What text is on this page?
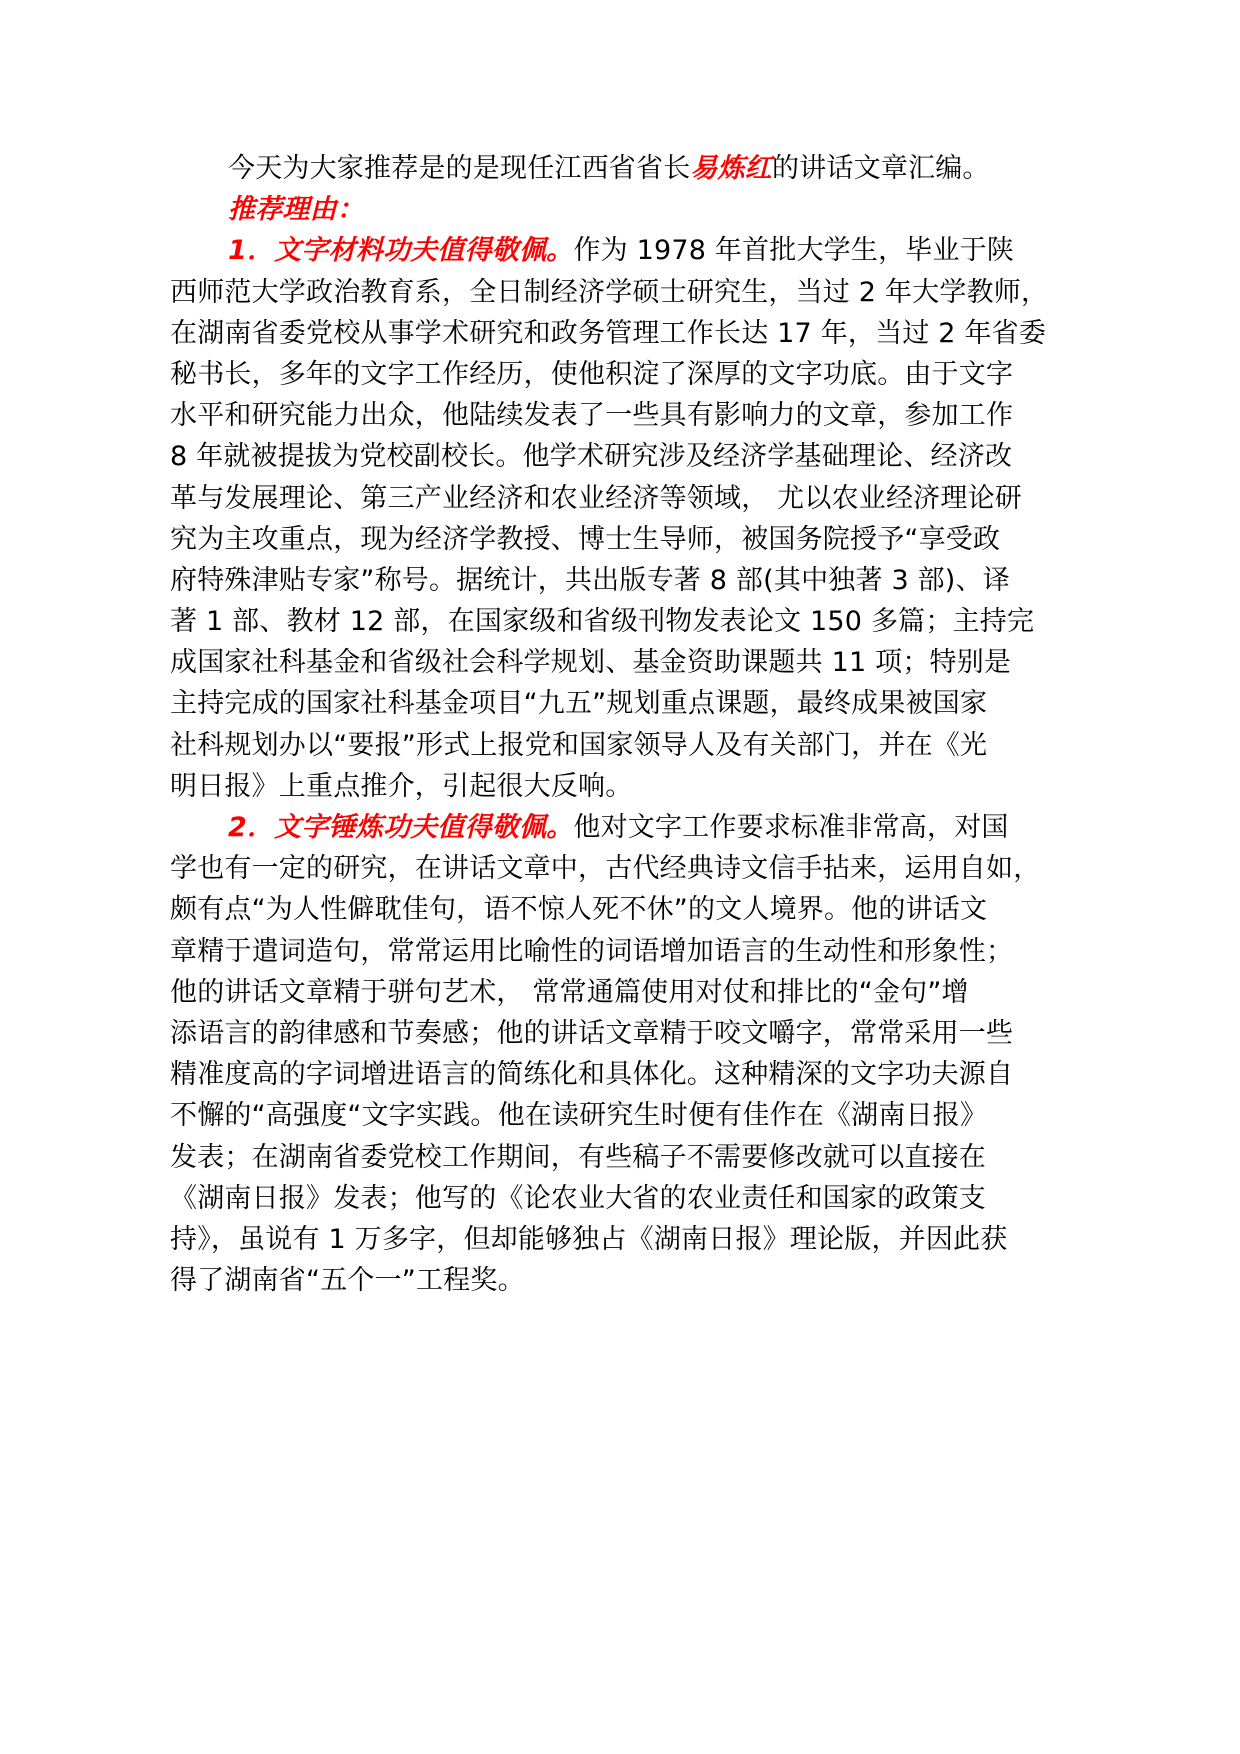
今天为大家推荐是的是现任江西省省长易炼红的讲话文章汇编。
推荐理由：
1．文字材料功夫值得敬佩。作为 1978 年首批大学生，毕业于陕
西师范大学政治教育系，全日制经济学硕士研究生，当过 2 年大学教师，
在湖南省委党校从事学术研究和政务管理工作长达 17 年，当过 2 年省委
秘书长，多年的文字工作经历，使他积淀了深厚的文字功底。由于文字
水平和研究能力出众，他陆续发表了一些具有影响力的文章，参加工作
8 年就被提拔为党校副校长。他学术研究涉及经济学基础理论、经济改
革与发展理论、第三产业经济和农业经济等领域， 尤以农业经济理论研
究为主攻重点，现为经济学教授、博士生导师，被国务院授予“享受政
府特殊津贴专家”称号。据统计，共出版专著 8 部(其中独著 3 部)、译
著 1 部、教材 12 部，在国家级和省级刊物发表论文 150 多篇；主持完
成国家社科基金和省级社会科学规划、基金资助课题共 11 项；特别是
主持完成的国家社科基金项目“九五”规划重点课题，最终成果被国家
社科规划办以“要报”形式上报党和国家领导人及有关部门，并在《光
明日报》上重点推介，引起很大反响。
2．文字锤炼功夫值得敬佩。他对文字工作要求标准非常高，对国
学也有一定的研究，在讲话文章中，古代经典诗文信手拈来，运用自如，
颇有点“为人性僻耽佳句，语不惊人死不休”的文人境界。他的讲话文
章精于遣词造句，常常运用比喻性的词语增加语言的生动性和形象性；
他的讲话文章精于骈句艺术， 常常通篇使用对仗和排比的“金句”增
添语言的韵律感和节奏感；他的讲话文章精于咬文嚼字，常常采用一些
精准度高的字词增进语言的简练化和具体化。这种精深的文字功夫源自
不懈的“高强度“文字实践。他在读研究生时便有佳作在《湖南日报》
发表；在湖南省委党校工作期间，有些稿子不需要修改就可以直接在
《湖南日报》发表；他写的《论农业大省的农业责任和国家的政策支
持》，虽说有 1 万多字，但却能够独占《湖南日报》理论版，并因此获
得了湖南省“五个一”工程奖。
